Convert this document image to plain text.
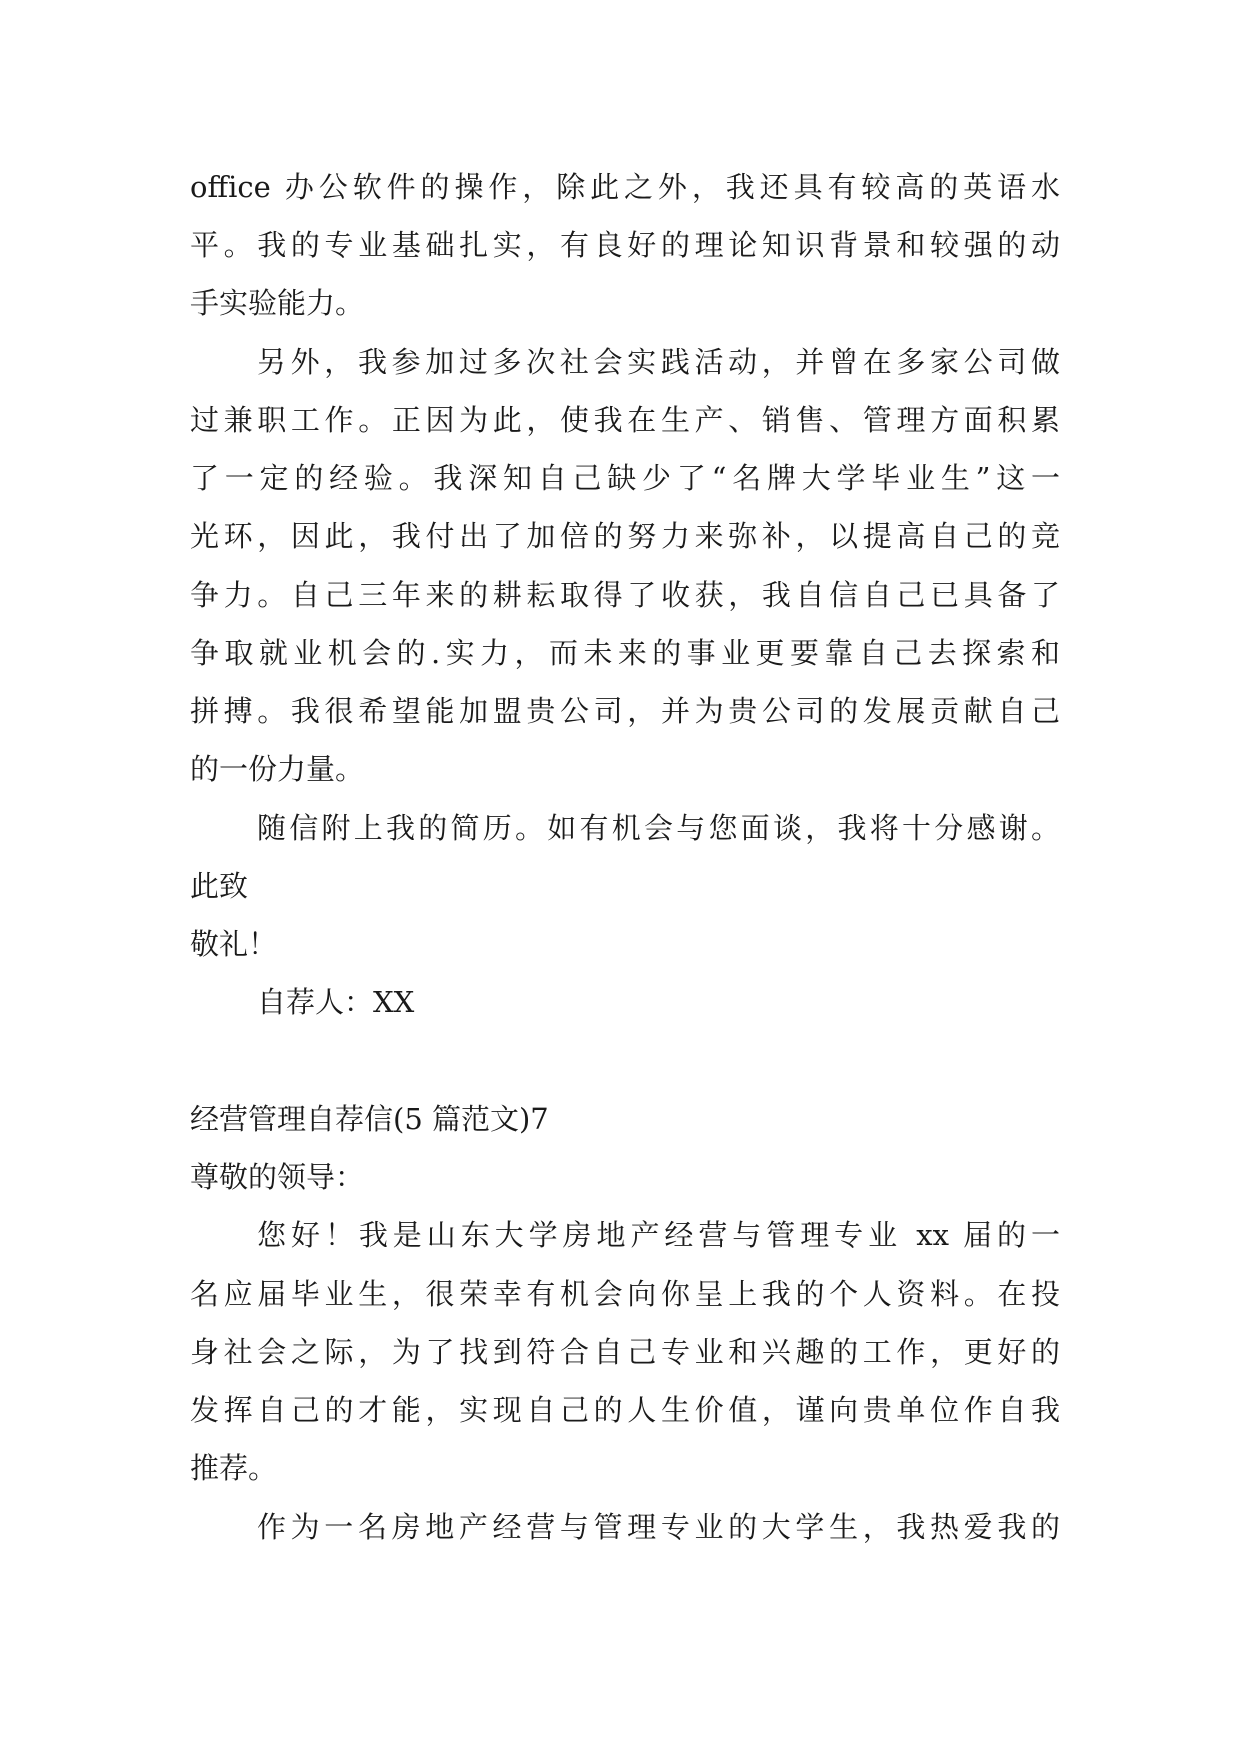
office 办公软件的操作，除此之外，我还具有较高的英语水
平。我的专业基础扎实，有良好的理论知识背景和较强的动
手实验能力。
另外，我参加过多次社会实践活动，并曾在多家公司做
过兼职工作。正因为此，使我在生产、销售、管理方面积累
了一定的经验。我深知自己缺少了“名牌大学毕业生”这一
光环，因此，我付出了加倍的努力来弥补，以提高自己的竞
争力。自己三年来的耕耘取得了收获，我自信自己已具备了
争取就业机会的.实力，而未来的事业更要靠自己去探索和
拼搏。我很希望能加盟贵公司，并为贵公司的发展贡献自己
的一份力量。
随信附上我的简历。如有机会与您面谈，我将十分感谢。
此致
敬礼！
自荐人：XX
经营管理自荐信(5 篇范文)7
尊敬的领导：
您好！我是山东大学房地产经营与管理专业 xx 届的一
名应届毕业生，很荣幸有机会向你呈上我的个人资料。在投
身社会之际，为了找到符合自己专业和兴趣的工作，更好的
发挥自己的才能，实现自己的人生价值，谨向贵单位作自我
推荐。
作为一名房地产经营与管理专业的大学生，我热爱我的
